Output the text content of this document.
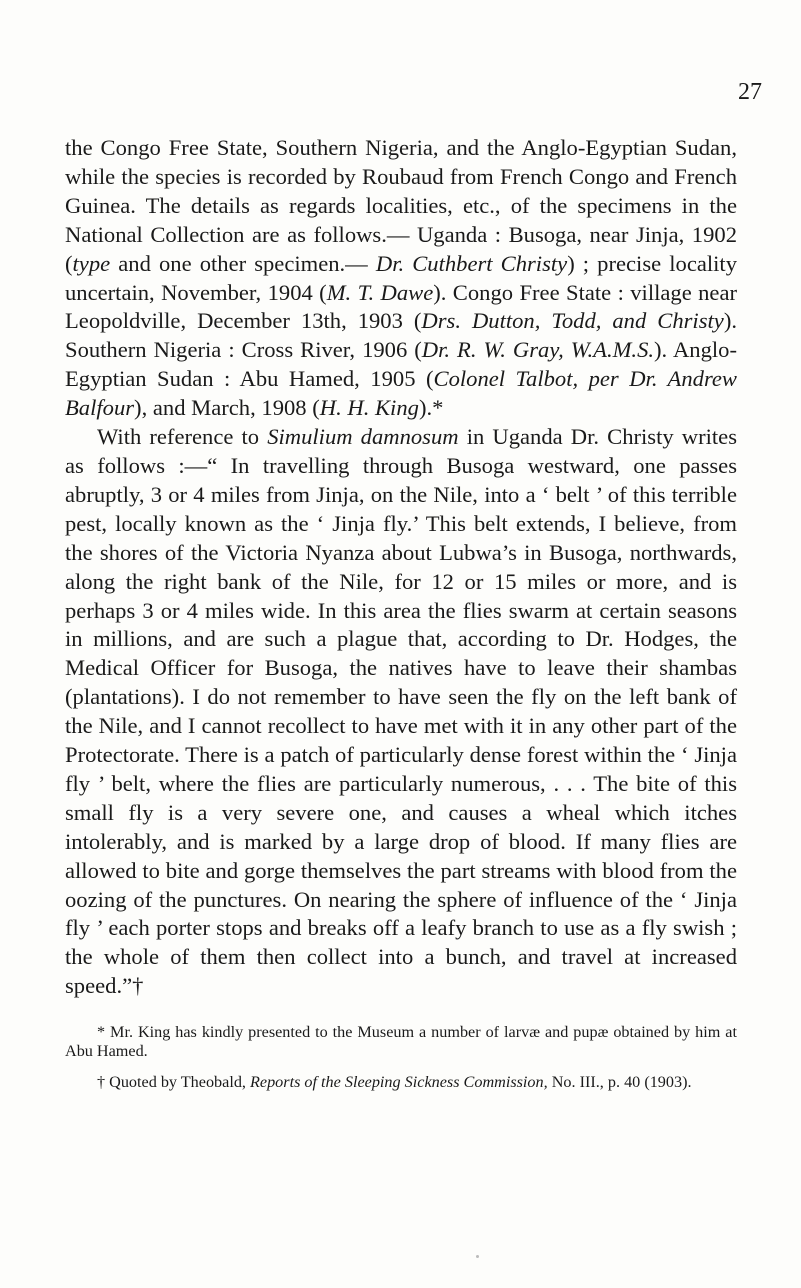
27

the Congo Free State, Southern Nigeria, and the Anglo-Egyptian Sudan, while the species is recorded by Roubaud from French Congo and French Guinea. The details as regards localities, etc., of the specimens in the National Collection are as follows.— Uganda : Busoga, near Jinja, 1902 (type and one other specimen.— Dr. Cuthbert Christy) ; precise locality uncertain, November, 1904 (M. T. Dawe). Congo Free State : village near Leopoldville, December 13th, 1903 (Drs. Dutton, Todd, and Christy). Southern Nigeria : Cross River, 1906 (Dr. R. W. Gray, W.A.M.S.). Anglo-Egyptian Sudan : Abu Hamed, 1905 (Colonel Talbot, per Dr. Andrew Balfour), and March, 1908 (H. H. King).*

With reference to Simulium damnosum in Uganda Dr. Christy writes as follows :—“ In travelling through Busoga westward, one passes abruptly, 3 or 4 miles from Jinja, on the Nile, into a ‘ belt ’ of this terrible pest, locally known as the ‘ Jinja fly.’ This belt extends, I believe, from the shores of the Victoria Nyanza about Lubwa’s in Busoga, northwards, along the right bank of the Nile, for 12 or 15 miles or more, and is perhaps 3 or 4 miles wide. In this area the flies swarm at certain seasons in millions, and are such a plague that, according to Dr. Hodges, the Medical Officer for Busoga, the natives have to leave their shambas (plantations). I do not remember to have seen the fly on the left bank of the Nile, and I cannot recollect to have met with it in any other part of the Protectorate. There is a patch of particularly dense forest within the ‘ Jinja fly ’ belt, where the flies are particularly numerous, . . . The bite of this small fly is a very severe one, and causes a wheal which itches intolerably, and is marked by a large drop of blood. If many flies are allowed to bite and gorge themselves the part streams with blood from the oozing of the punctures. On nearing the sphere of influence of the ‘ Jinja fly ’ each porter stops and breaks off a leafy branch to use as a fly swish ; the whole of them then collect into a bunch, and travel at increased speed.”†

* Mr. King has kindly presented to the Museum a number of larvæ and pupæ obtained by him at Abu Hamed.

† Quoted by Theobald, Reports of the Sleeping Sickness Commission, No. III., p. 40 (1903).
